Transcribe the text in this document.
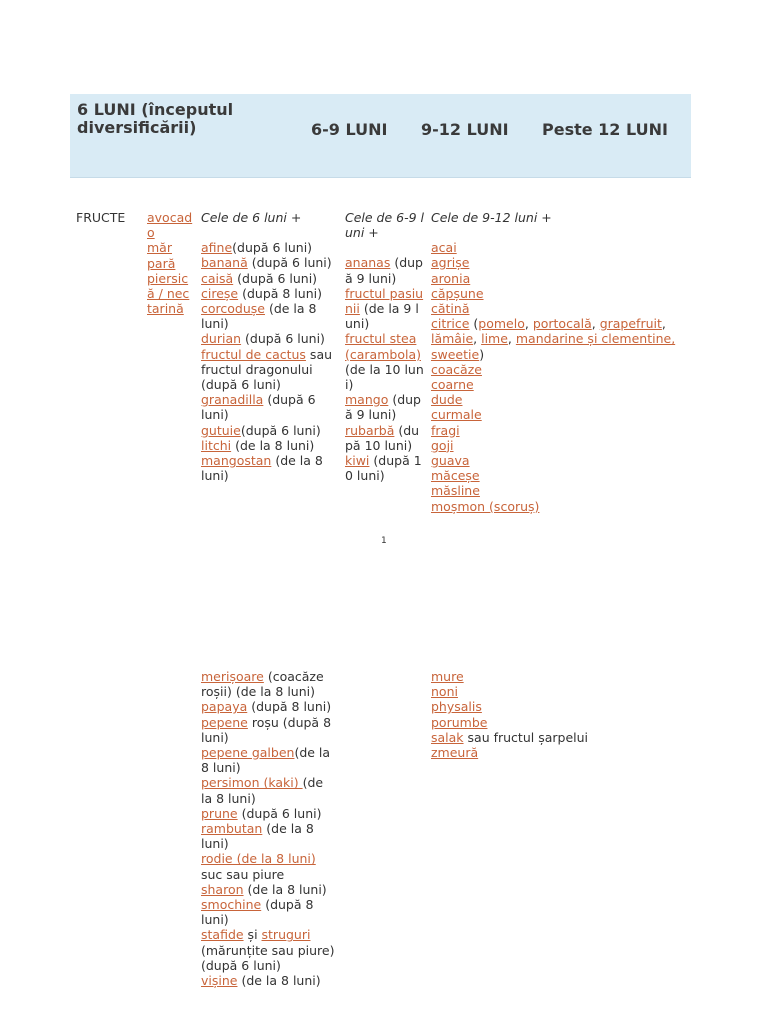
6 LUNI (începutul diversificării)	6-9 LUNI 9-12 LUNI Peste 12 LUNI
FRUCTE avocado
măr
pară
piersică / nectarină
Cele de 6 luni +
afine(după 6 luni)
banană (după 6 luni)
caisă (după 6 luni)
cireșe (după 8 luni)
corcodușe (de la 8 luni)
durian (după 6 luni)
fructul de cactus sau fructul dragonului (după 6 luni)
granadilla (după 6 luni)
gutuie(după 6 luni)
litchi (de la 8 luni)
mangostan (de la 8 luni)
Cele de 6-9 luni +
ananas (după 9 luni)
fructul pasiunii (de la 9 luni)
fructul stea (carambola) (de la 10 luni)
mango (după 9 luni)
rubarbă (după 10 luni)
kiwi (după 10 luni)
Cele de 9-12 luni +
acai
agrișe
aronia
căpșune
cătină
citrice (pomelo, portocală, grapefruit, lămâie, lime, mandarine și clementine, sweetie)
coacăze
coarne
dude
curmale
fragi
goji
guava
măceșe
măsline
moșmon (scoruș)
1
merișoare (coacăze roșii) (de la 8 luni)
papaya (după 8 luni)
pepene roșu (după 8 luni)
pepene galben(de la 8 luni)
persimon (kaki) (de la 8 luni)
prune (după 6 luni)
rambutan (de la 8 luni)
rodie (de la 8 luni) suc sau piure
sharon (de la 8 luni)
smochine (după 8 luni)
stafide și struguri (mărunțite sau piure) (după 6 luni)
vișine (de la 8 luni)
mure
noni
physalis
porumbe
salak sau fructul șarpelui
zmeură
